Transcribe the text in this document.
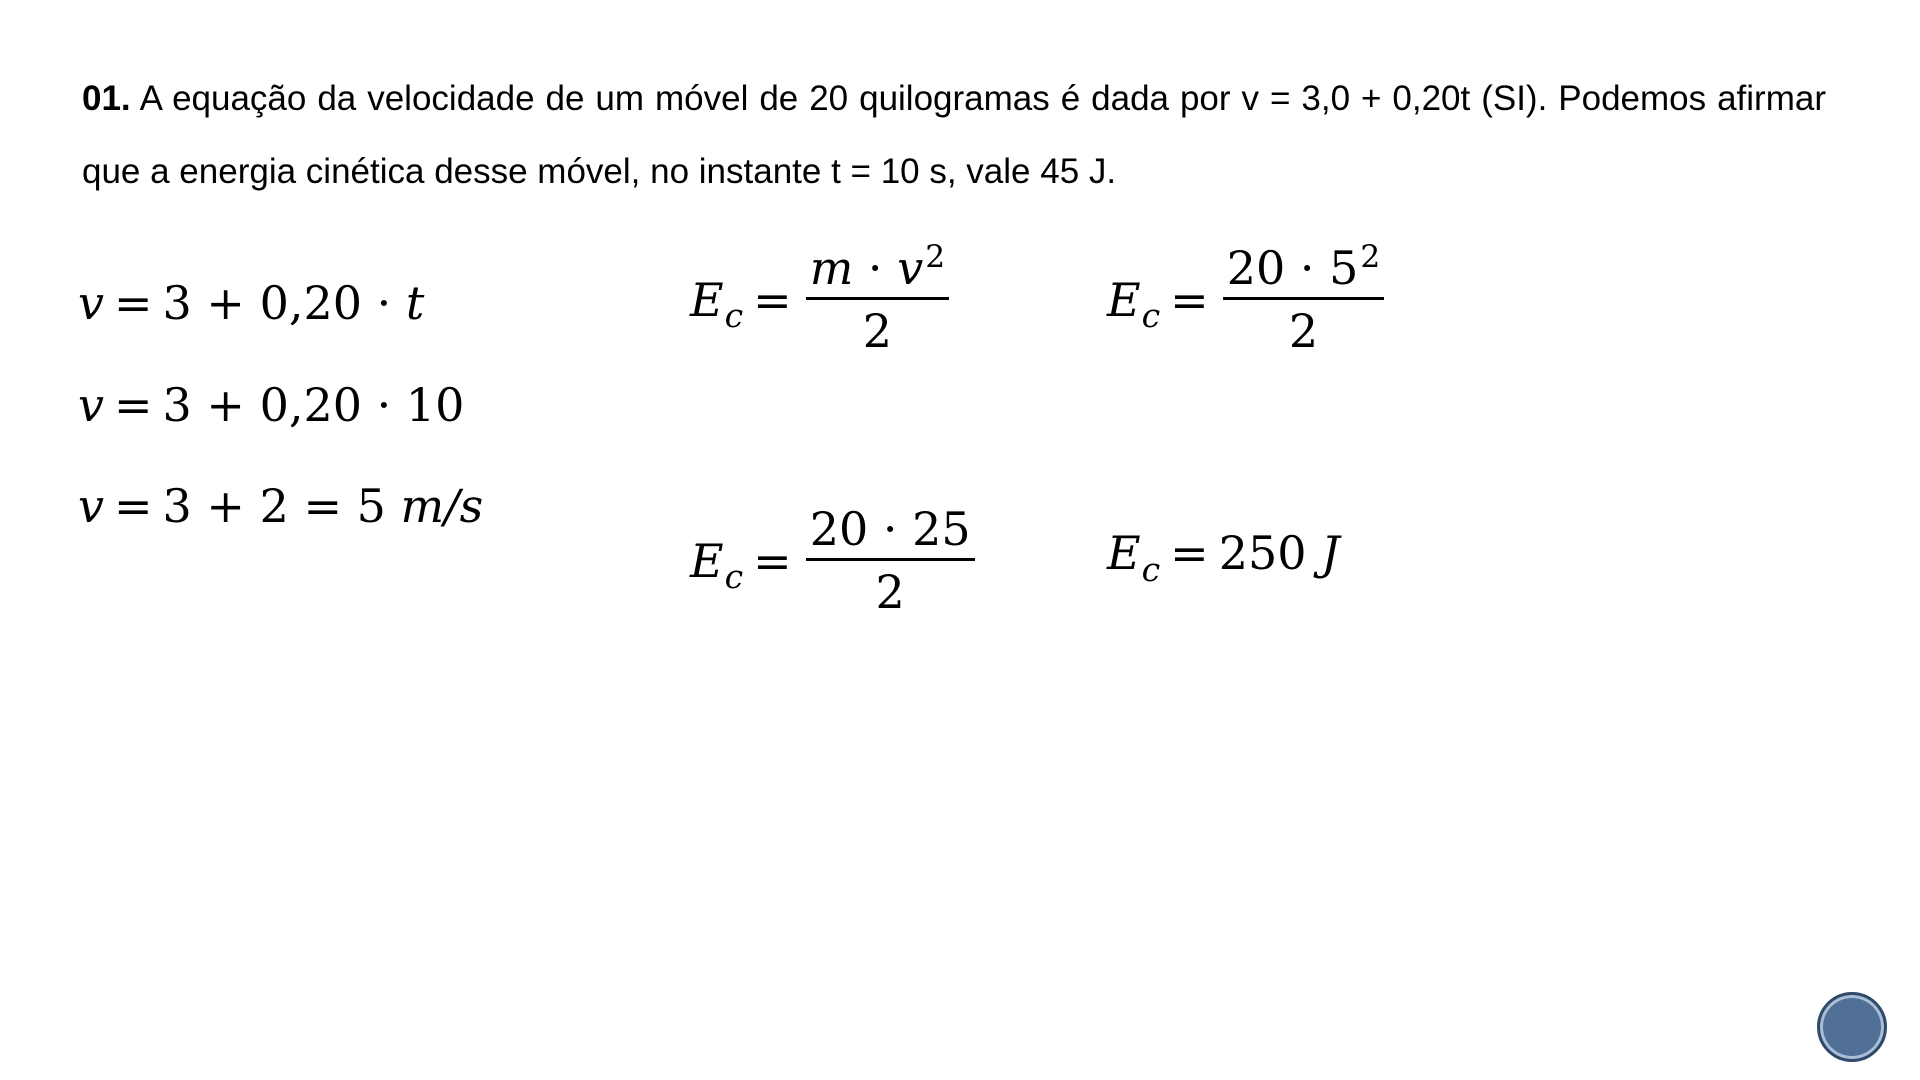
01. A equação da velocidade de um móvel de 20 quilogramas é dada por v = 3,0 + 0,20t (SI). Podemos afirmar que a energia cinética desse móvel, no instante t = 10 s, vale 45 J.

v = 3 + 0,20 · t
v = 3 + 0,20 · 10
v = 3 + 2 = 5 m/s
$E_c = \frac{m \cdot v^2}{2}$	$E_c = \frac{20 \cdot 5^2}{2}$
$E_c = \frac{20 \cdot 25}{2}$	$E_c = 250$ J
